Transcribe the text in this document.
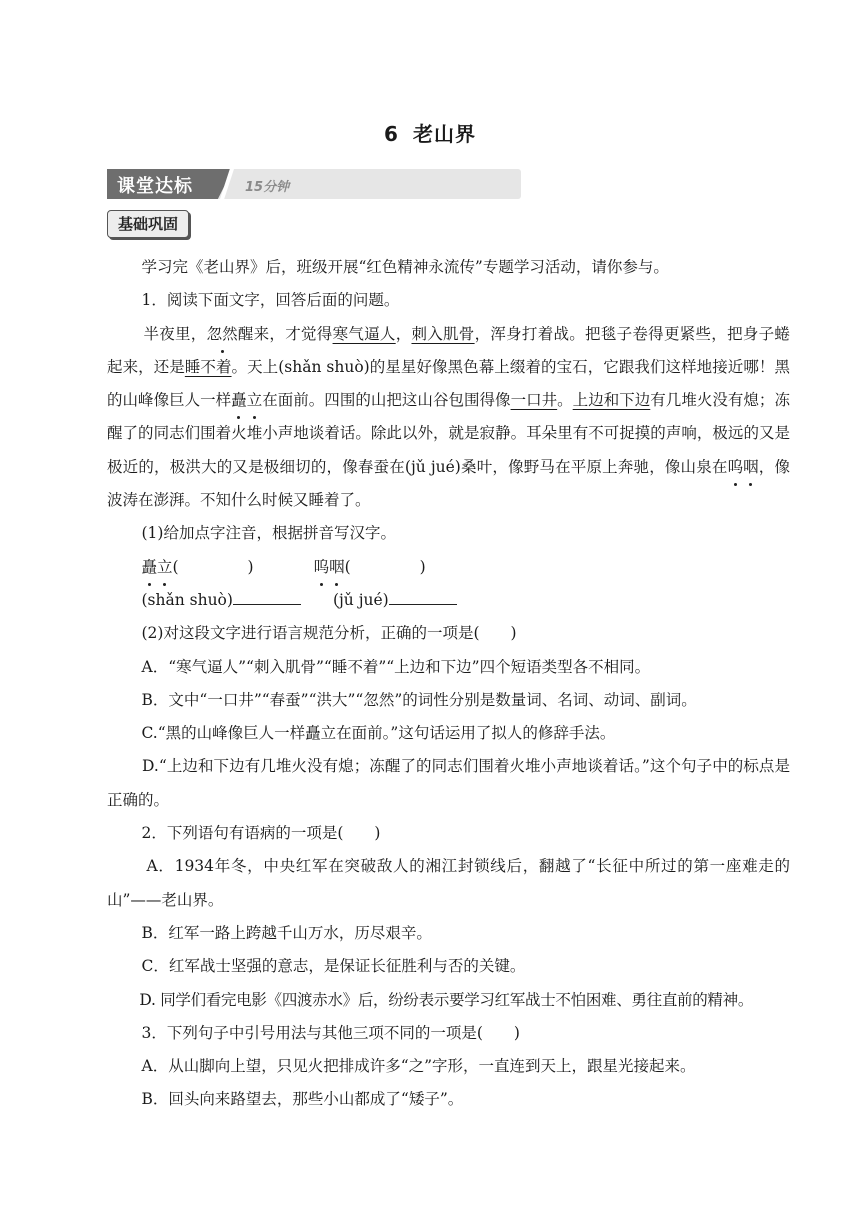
6 老山界
课堂达标	15分钟
基础巩固

学习完《老山界》后，班级开展“红色精神永流传”专题学习活动，请你参与。

1．阅读下面文字，回答后面的问题。

半夜里，忽然醒来，才觉得寒气逼人，刺入肌骨，浑身打着战。把毯子卷得更紧些，把身子蜷起来，还是睡不着。天上(shǎn shuò)的星星好像黑色幕上缀着的宝石，它跟我们这样地接近哪！黑的山峰像巨人一样矗立在面前。四围的山把这山谷包围得像一口井。上边和下边有几堆火没有熄；冻醒了的同志们围着火堆小声地谈着话。除此以外，就是寂静。耳朵里有不可捉摸的声响，极远的又是极近的，极洪大的又是极细切的，像春蚕在(jǔ jué)桑叶，像野马在平原上奔驰，像山泉在呜咽，像波涛在澎湃。不知什么时候又睡着了。

(1)给加点字注音，根据拼音写汉字。

矗立(              )	呜咽(              )

(shǎn shuò)	(jǔ jué)

(2)对这段文字进行语言规范分析，正确的一项是(　　)

A．“寒气逼人”“刺入肌骨”“睡不着”“上边和下边”四个短语类型各不相同。

B．文中“一口井”“春蚕”“洪大”“忽然”的词性分别是数量词、名词、动词、副词。

C.“黑的山峰像巨人一样矗立在面前。”这句话运用了拟人的修辞手法。

D.“上边和下边有几堆火没有熄；冻醒了的同志们围着火堆小声地谈着话。”这个句子中的标点是正确的。

2．下列语句有语病的一项是(　　)

A．1934年冬，中央红军在突破敌人的湘江封锁线后，翻越了“长征中所过的第一座难走的山”——老山界。

B．红军一路上跨越千山万水，历尽艰辛。

C．红军战士坚强的意志，是保证长征胜利与否的关键。

D. 同学们看完电影《四渡赤水》后，纷纷表示要学习红军战士不怕困难、勇往直前的精神。

3．下列句子中引号用法与其他三项不同的一项是(　　)

A．从山脚向上望，只见火把排成许多“之”字形，一直连到天上，跟星光接起来。

B．回头向来路望去，那些小山都成了“矮子”。
